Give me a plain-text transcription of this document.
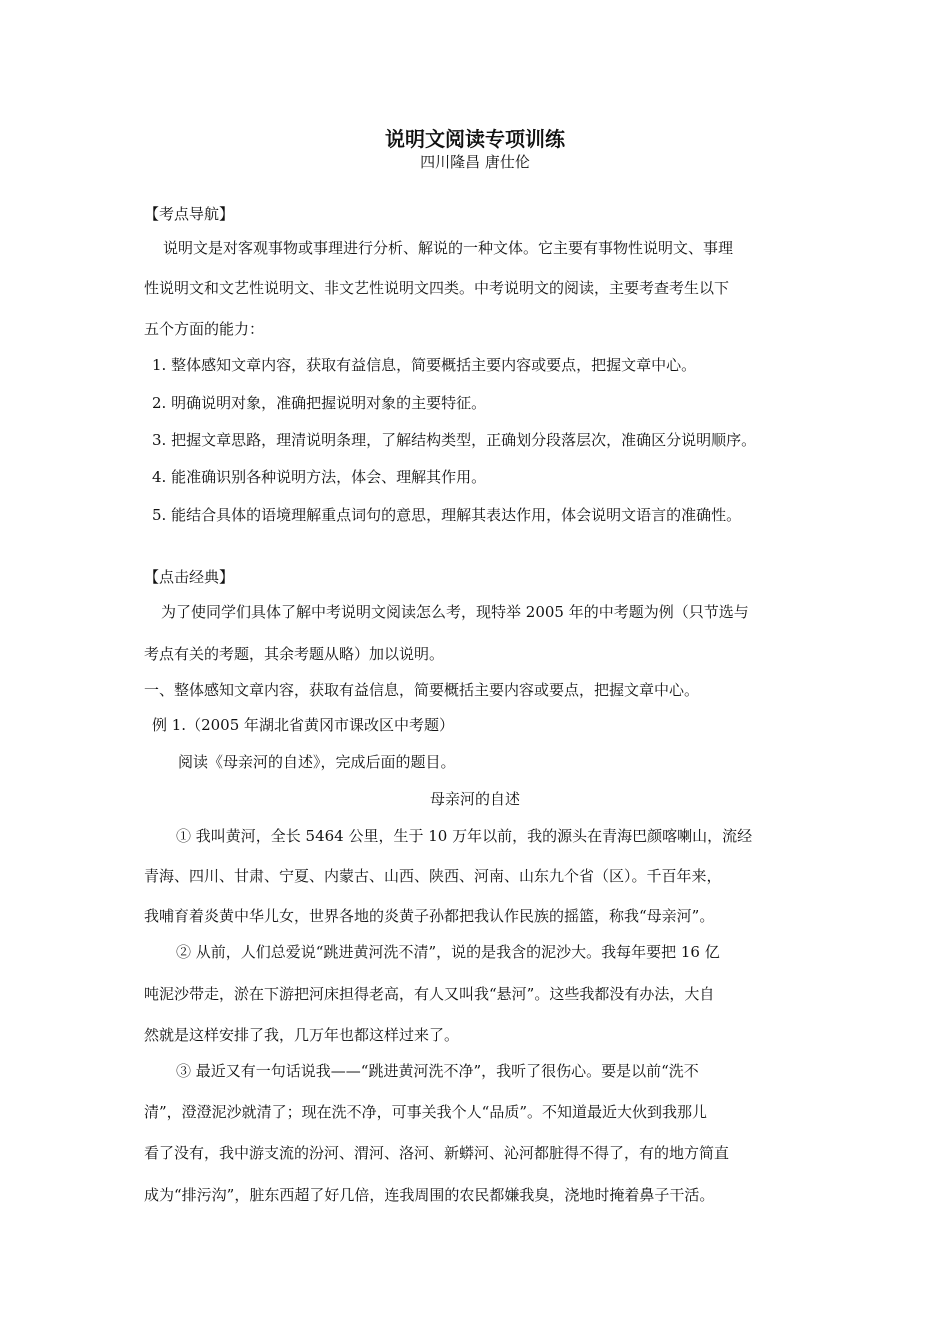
说明文阅读专项训练
四川隆昌 唐仕伦
【考点导航】
说明文是对客观事物或事理进行分析、解说的一种文体。它主要有事物性说明文、事理
性说明文和文艺性说明文、非文艺性说明文四类。中考说明文的阅读，主要考查考生以下
五个方面的能力：
1. 整体感知文章内容，获取有益信息，简要概括主要内容或要点，把握文章中心。
2. 明确说明对象，准确把握说明对象的主要特征。
3. 把握文章思路，理清说明条理，了解结构类型，正确划分段落层次，准确区分说明顺序。
4. 能准确识别各种说明方法，体会、理解其作用。
5. 能结合具体的语境理解重点词句的意思，理解其表达作用，体会说明文语言的准确性。
【点击经典】
为了使同学们具体了解中考说明文阅读怎么考，现特举 2005 年的中考题为例（只节选与
考点有关的考题，其余考题从略）加以说明。
一、整体感知文章内容，获取有益信息，简要概括主要内容或要点，把握文章中心。
例 1.（2005 年湖北省黄冈市课改区中考题）
阅读《母亲河的自述》，完成后面的题目。
母亲河的自述
① 我叫黄河，全长 5464 公里，生于 10 万年以前，我的源头在青海巴颜喀喇山，流经
青海、四川、甘肃、宁夏、内蒙古、山西、陕西、河南、山东九个省（区）。千百年来，
我哺育着炎黄中华儿女，世界各地的炎黄子孙都把我认作民族的摇篮，称我“母亲河”。
② 从前，人们总爱说“跳进黄河洗不清”，说的是我含的泥沙大。我每年要把 16 亿
吨泥沙带走，淤在下游把河床担得老高，有人又叫我“悬河”。这些我都没有办法，大自
然就是这样安排了我，几万年也都这样过来了。
③ 最近又有一句话说我——“跳进黄河洗不净”，我听了很伤心。要是以前“洗不
清”，澄澄泥沙就清了；现在洗不净，可事关我个人“品质”。不知道最近大伙到我那儿
看了没有，我中游支流的汾河、渭河、洛河、新蟒河、沁河都脏得不得了，有的地方简直
成为“排污沟”，脏东西超了好几倍，连我周围的农民都嫌我臭，浇地时掩着鼻子干活。
